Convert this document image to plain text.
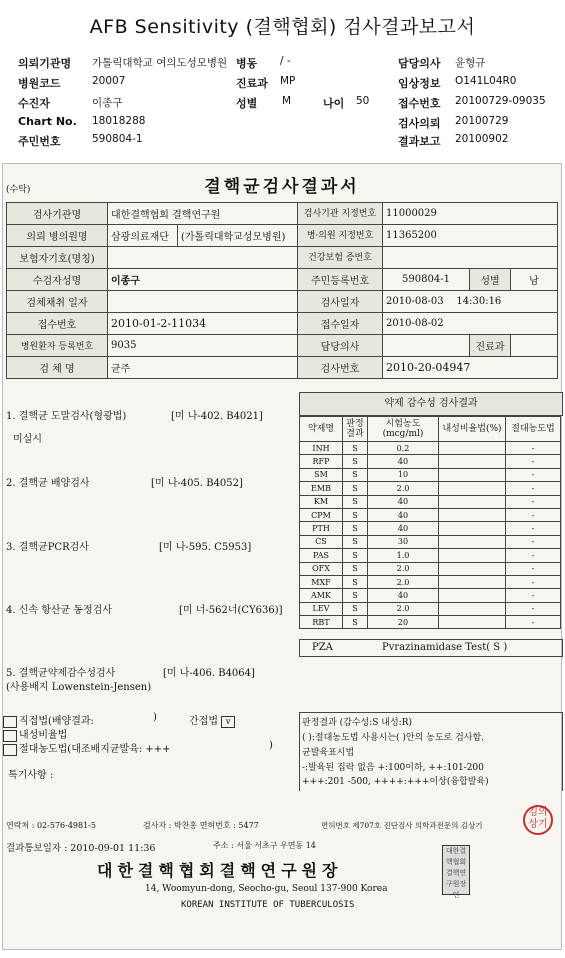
AFB Sensitivity (결핵협회) 검사결과보고서
의뢰기관명 가톨릭대학교 여의도성모병원 병동 / -	담당의사 윤형규
병원코드	20007	진료과 MP	임상정보 O141L04R0
수진자	이종구	성별 M	나이 50	접수번호 20100729-09035
Chart No. 18018288	검사의뢰 20100729
주민번호	590804-1	결과보고 20100902
(수탁)	결핵균검사결과서
검사기관명	대한결핵협회 결핵연구원		검사기관 지정번호	11000029		
의뢰 병의원명	삼광의료재단	(가톨릭대학교성모병원)	병·의원 지정번호	11365200		
보험자기호(명칭)			건강보험 증번호			
수검자성명	이종구		주민등록번호	590804-1	성별	남
검체채취 일자			검사일자	2010-08-03 14:30:16		
접수번호	2010-01-2-11034		접수일자	2010-08-02		
병원환자 등록번호	9035		담당의사		진료과	
검 체 명	균주		검사번호	2010-20-04947		
1. 결핵균 도말검사(형광법)	[미 나-402. B4021]
미실시
2. 결핵균 배양검사	[미 나-405. B4052]
3. 결핵균PCR검사	[미 나-595. C5953]
4. 신속 항산균 동정검사	[미 너-562너(CY636)]
5. 결핵균약제감수성검사	[미 나-406. B4064]
(사용배지 Lowenstein-Jensen)
직접법(배양결과:	)	간접법 v
내성비율법
절대농도법(대조배지균발육: +++	)
특기사항 :
약제 감수성 검사결과
약제명	판정결과	시험농도(mcg/ml)	내성비율법(%)	절대농도법
INH	S	0.2		-
RFP	S	40		-
SM	S	10		-
EMB	S	2.0		-
KM	S	40		-
CPM	S	40		-
PTH	S	40		-
CS	S	30		-
PAS	S	1.0		-
OFX	S	2.0		-
MXF	S	2.0		-
AMK	S	40		-
LEV	S	2.0		-
RBT	S	20		-
PZA	Pvrazinamidase Test( S )
판정결과 (감수성:S 내성:R)
( ):절대농도법 사용시는( )안의 농도로 검사함.
균발육표시법
-:발육된 집락 없음 +:100이하, ++:101-200
+++:201 -500, ++++:+++이상(융합발육)
연락처 : 02-576-4981-5	검사자 : 박찬홍 면허번호 : 5477	면허번호 제707호 진단검사 의학과전문의 김상기
결과통보일자 : 2010-09-01 11:36	주소 : 서울 서초구 우면동 14
대한결핵협회결핵연구원장
14, Woomyun-dong, Seocho-gu, Seoul 137-900 Korea
KOREAN INSTITUTE OF TUBERCULOSIS
김의상기
대한결핵협회결핵연구원장인
